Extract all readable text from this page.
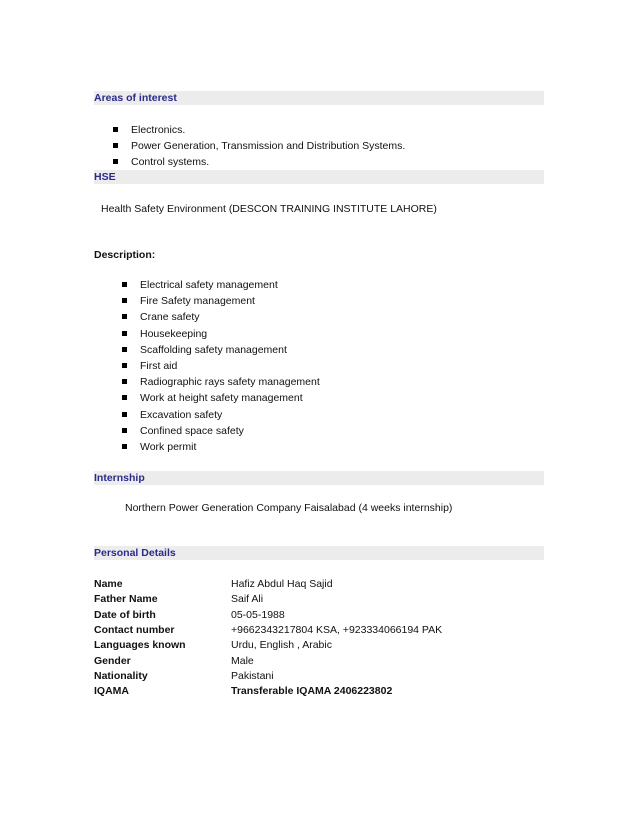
Areas of interest
Electronics.
Power Generation, Transmission and Distribution Systems.
Control systems.
HSE
Health Safety Environment (DESCON TRAINING INSTITUTE LAHORE)
Description:
Electrical safety management
Fire Safety management
Crane safety
Housekeeping
Scaffolding safety management
First aid
Radiographic rays safety management
Work at height safety management
Excavation safety
Confined space safety
Work permit
Internship
Northern Power Generation Company Faisalabad (4 weeks internship)
Personal Details
Name	Hafiz Abdul Haq Sajid
Father Name	Saif Ali
Date of birth	05-05-1988
Contact number	+9662343217804 KSA, +923334066194 PAK
Languages known	Urdu, English , Arabic
Gender	Male
Nationality	Pakistani
IQAMA	Transferable IQAMA 2406223802
